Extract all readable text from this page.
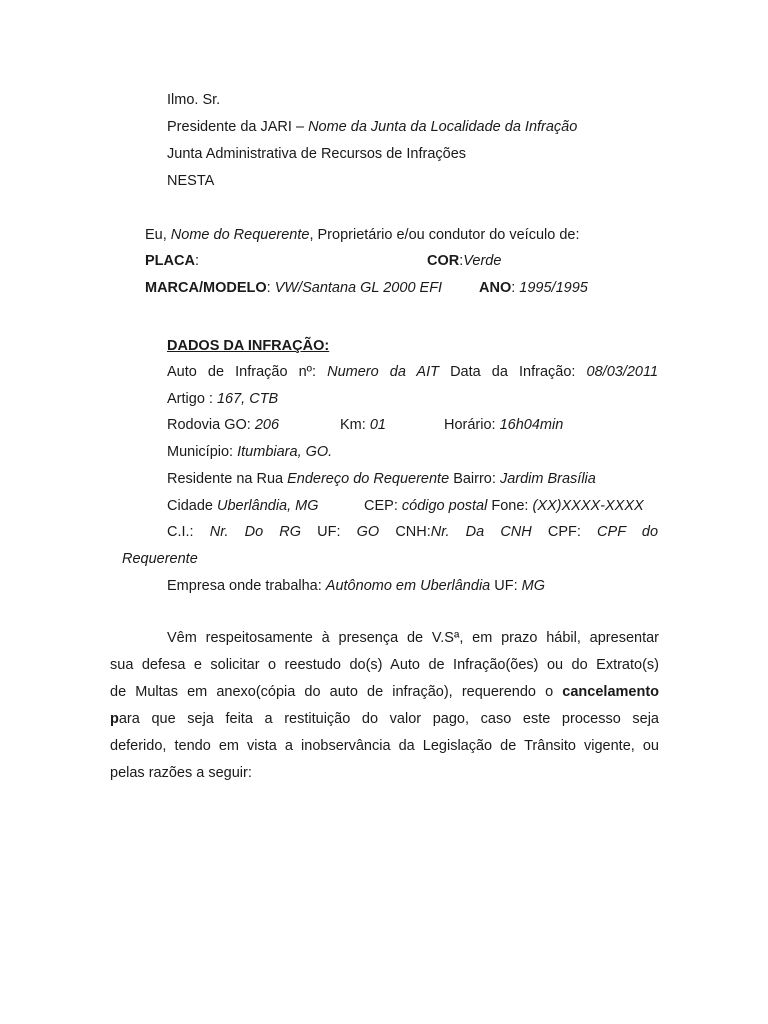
Ilmo. Sr.
Presidente da JARI – Nome da Junta da Localidade da Infração
Junta Administrativa de Recursos de Infrações
NESTA
Eu, Nome do Requerente, Proprietário e/ou condutor do veículo de:
PLACA:	COR:Verde
MARCA/MODELO: VW/Santana GL 2000 EFI	ANO: 1995/1995
DADOS DA INFRAÇÃO:
Auto de Infração nº: Numero da AIT Data da Infração: 08/03/2011
Artigo : 167, CTB
Rodovia GO: 206	Km: 01	Horário: 16h04min
Município: Itumbiara, GO.
Residente na Rua Endereço do Requerente Bairro: Jardim Brasília
Cidade Uberlândia, MG	CEP: código postal Fone: (XX)XXXX-XXXX
C.I.: Nr. Do RG UF: GO CNH:Nr. Da CNH CPF: CPF do
Requerente
Empresa onde trabalha: Autônomo em Uberlândia UF: MG
Vêm respeitosamente à presença de V.Sª, em prazo hábil, apresentar
sua defesa e solicitar o reestudo do(s) Auto de Infração(ões) ou do Extrato(s)
de Multas em anexo(cópia do auto de infração), requerendo o cancelamento
para que seja feita a restituição do valor pago, caso este processo seja
deferido, tendo em vista a inobservância da Legislação de Trânsito vigente, ou
pelas razões a seguir:
